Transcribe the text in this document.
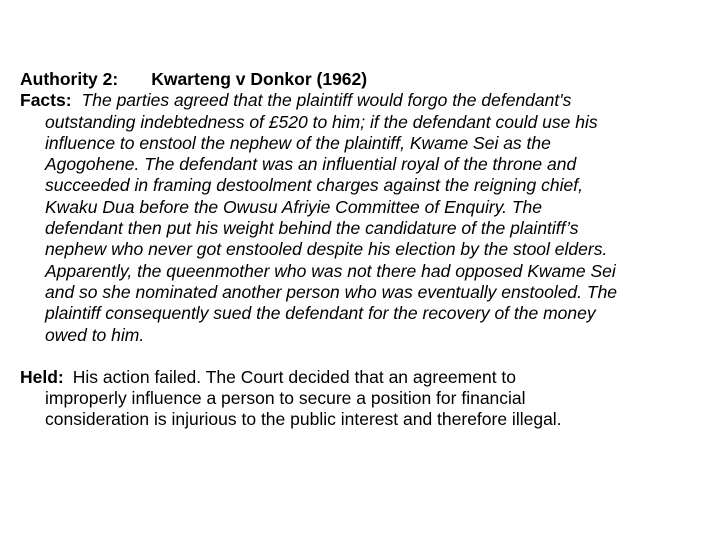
Authority 2: Kwarteng v Donkor (1962)
Facts: The parties agreed that the plaintiff would forgo the defendant's
outstanding indebtedness of £520 to him; if the defendant could use his
influence to enstool the nephew of the plaintiff, Kwame Sei as the
Agogohene. The defendant was an influential royal of the throne and
succeeded in framing destoolment charges against the reigning chief,
Kwaku Dua before the Owusu Afriyie Committee of Enquiry. The
defendant then put his weight behind the candidature of the plaintiff’s
nephew who never got enstooled despite his election by the stool elders.
Apparently, the queenmother who was not there had opposed Kwame Sei
and so she nominated another person who was eventually enstooled. The
plaintiff consequently sued the defendant for the recovery of the money
owed to him.
Held: His action failed. The Court decided that an agreement to
improperly influence a person to secure a position for financial
consideration is injurious to the public interest and therefore illegal.
